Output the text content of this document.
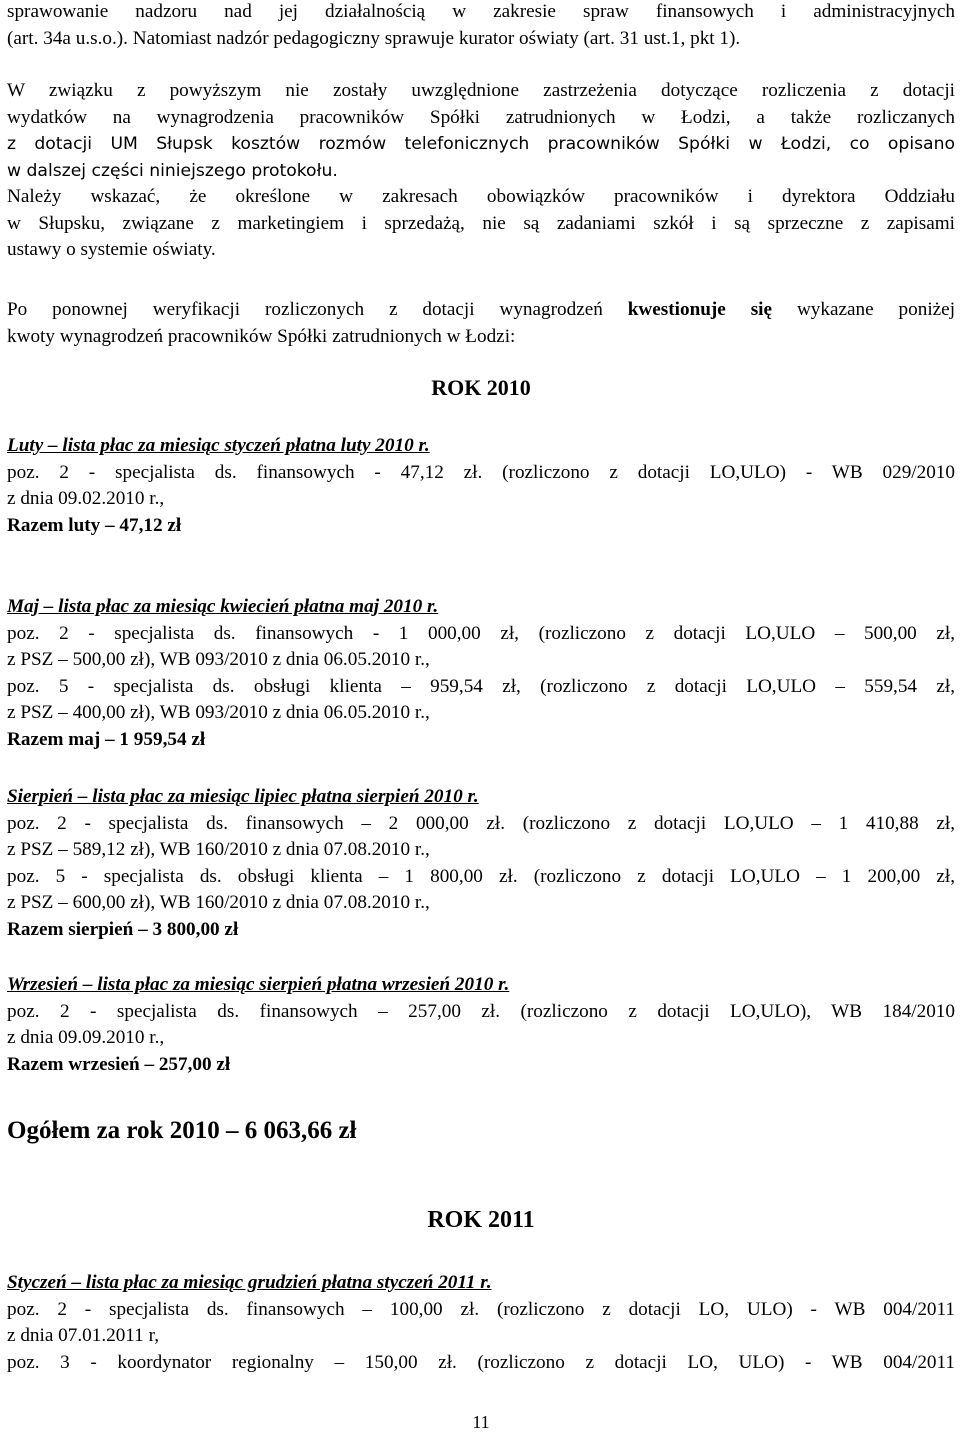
sprawowanie nadzoru nad jej działalnością w zakresie spraw finansowych i administracyjnych
(art. 34a u.s.o.). Natomiast nadzór pedagogiczny sprawuje kurator oświaty (art. 31 ust.1, pkt 1).
W związku z powyższym nie zostały uwzględnione zastrzeżenia dotyczące rozliczenia z dotacji
wydatków na wynagrodzenia pracowników Spółki zatrudnionych w Łodzi, a także rozliczanych
z dotacji UM Słupsk kosztów rozmów telefonicznych pracowników Spółki w Łodzi, co opisano
w dalszej części niniejszego protokołu.
Należy wskazać, że określone w zakresach obowiązków pracowników i dyrektora Oddziału
w Słupsku, związane z marketingiem i sprzedażą, nie są zadaniami szkół i są sprzeczne z zapisami
ustawy o systemie oświaty.
Po ponownej weryfikacji rozliczonych z dotacji wynagrodzeń kwestionuje się wykazane poniżej
kwoty wynagrodzeń pracowników Spółki zatrudnionych w Łodzi:
ROK 2010
Luty – lista płac za miesiąc styczeń płatna luty 2010 r.
poz. 2 - specjalista ds. finansowych - 47,12 zł. (rozliczono z dotacji LO,ULO) - WB 029/2010
z dnia 09.02.2010 r.,
Razem luty – 47,12 zł
Maj – lista płac za miesiąc kwiecień płatna maj 2010 r.
poz. 2 - specjalista ds. finansowych - 1 000,00 zł, (rozliczono z dotacji LO,ULO – 500,00 zł,
z PSZ – 500,00 zł), WB 093/2010 z dnia 06.05.2010 r.,
poz. 5 - specjalista ds. obsługi klienta – 959,54 zł, (rozliczono z dotacji LO,ULO – 559,54 zł,
z PSZ – 400,00 zł), WB 093/2010 z dnia 06.05.2010 r.,
Razem maj – 1 959,54 zł
Sierpień – lista płac za miesiąc lipiec płatna sierpień 2010 r.
poz. 2 - specjalista ds. finansowych – 2 000,00 zł. (rozliczono z dotacji LO,ULO – 1 410,88 zł,
z PSZ – 589,12 zł), WB 160/2010 z dnia 07.08.2010 r.,
poz. 5 - specjalista ds. obsługi klienta – 1 800,00 zł. (rozliczono z dotacji LO,ULO – 1 200,00 zł,
z PSZ – 600,00 zł), WB 160/2010 z dnia 07.08.2010 r.,
Razem sierpień – 3 800,00 zł
Wrzesień – lista płac za miesiąc sierpień płatna wrzesień 2010 r.
poz. 2 - specjalista ds. finansowych – 257,00 zł. (rozliczono z dotacji LO,ULO), WB 184/2010
z dnia 09.09.2010 r.,
Razem wrzesień – 257,00 zł
Ogółem za rok 2010 – 6 063,66 zł
ROK 2011
Styczeń – lista płac za miesiąc grudzień płatna styczeń 2011 r.
poz. 2 - specjalista ds. finansowych – 100,00 zł. (rozliczono z dotacji LO, ULO) - WB 004/2011
z dnia 07.01.2011 r,
poz. 3 - koordynator regionalny – 150,00 zł. (rozliczono z dotacji LO, ULO) - WB 004/2011
11
